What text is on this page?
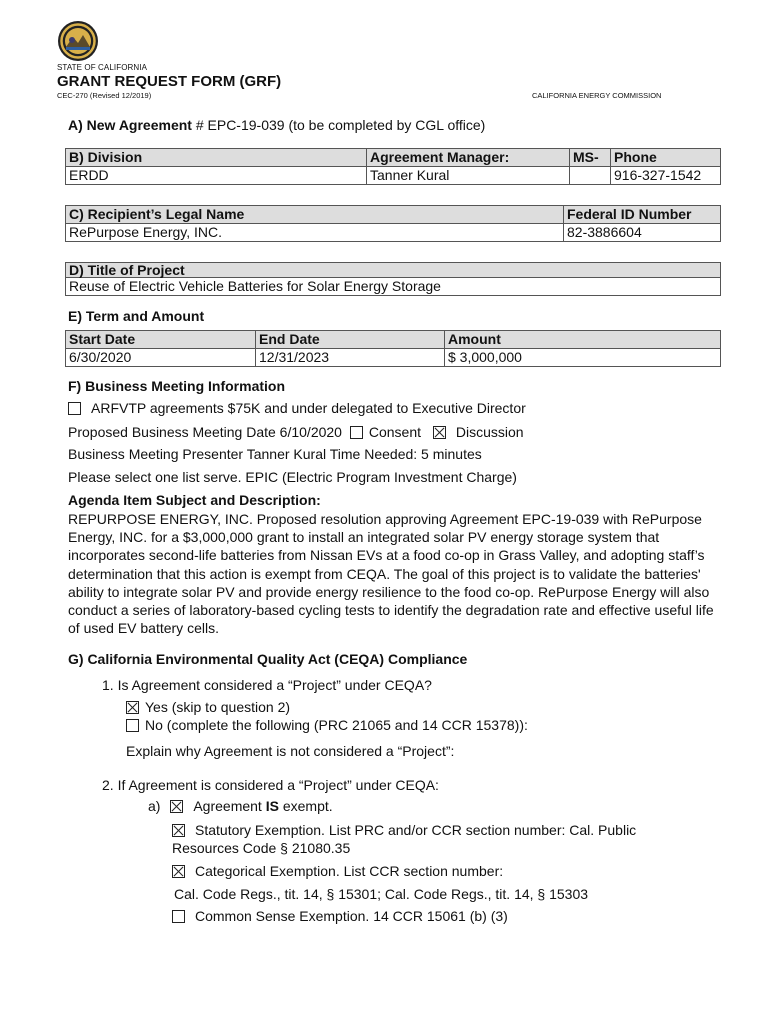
STATE OF CALIFORNIA
GRANT REQUEST FORM (GRF)
CEC-270 (Revised 12/2019)	CALIFORNIA ENERGY COMMISSION
A) New Agreement # EPC-19-039 (to be completed by CGL office)
B) Division	Agreement Manager:	MS-	Phone
ERDD	Tanner Kural		916-327-1542
C) Recipient’s Legal Name	Federal ID Number
RePurpose Energy, INC.	82-3886604
D) Title of Project
Reuse of Electric Vehicle Batteries for Solar Energy Storage
E) Term and Amount
Start Date	End Date	Amount
6/30/2020	12/31/2023	$ 3,000,000
F) Business Meeting Information
ARFVTP agreements $75K and under delegated to Executive Director
Proposed Business Meeting Date 6/10/2020 Consent Discussion
Business Meeting Presenter Tanner Kural Time Needed: 5 minutes
Please select one list serve. EPIC (Electric Program Investment Charge)
Agenda Item Subject and Description:
REPURPOSE ENERGY, INC. Proposed resolution approving Agreement EPC-19-039 with RePurpose Energy, INC. for a $3,000,000 grant to install an integrated solar PV energy storage system that incorporates second-life batteries from Nissan EVs at a food co-op in Grass Valley, and adopting staff’s determination that this action is exempt from CEQA. The goal of this project is to validate the batteries' ability to integrate solar PV and provide energy resilience to the food co-op. RePurpose Energy will also conduct a series of laboratory-based cycling tests to identify the degradation rate and effective useful life of used EV battery cells.
G) California Environmental Quality Act (CEQA) Compliance
1. Is Agreement considered a “Project” under CEQA?
Yes (skip to question 2)
No (complete the following (PRC 21065 and 14 CCR 15378)):
Explain why Agreement is not considered a “Project”:
2. If Agreement is considered a “Project” under CEQA:
a) Agreement IS exempt.
Statutory Exemption. List PRC and/or CCR section number: Cal. Public
Resources Code § 21080.35
Categorical Exemption. List CCR section number:
Cal. Code Regs., tit. 14, § 15301; Cal. Code Regs., tit. 14, § 15303
Common Sense Exemption. 14 CCR 15061 (b) (3)
